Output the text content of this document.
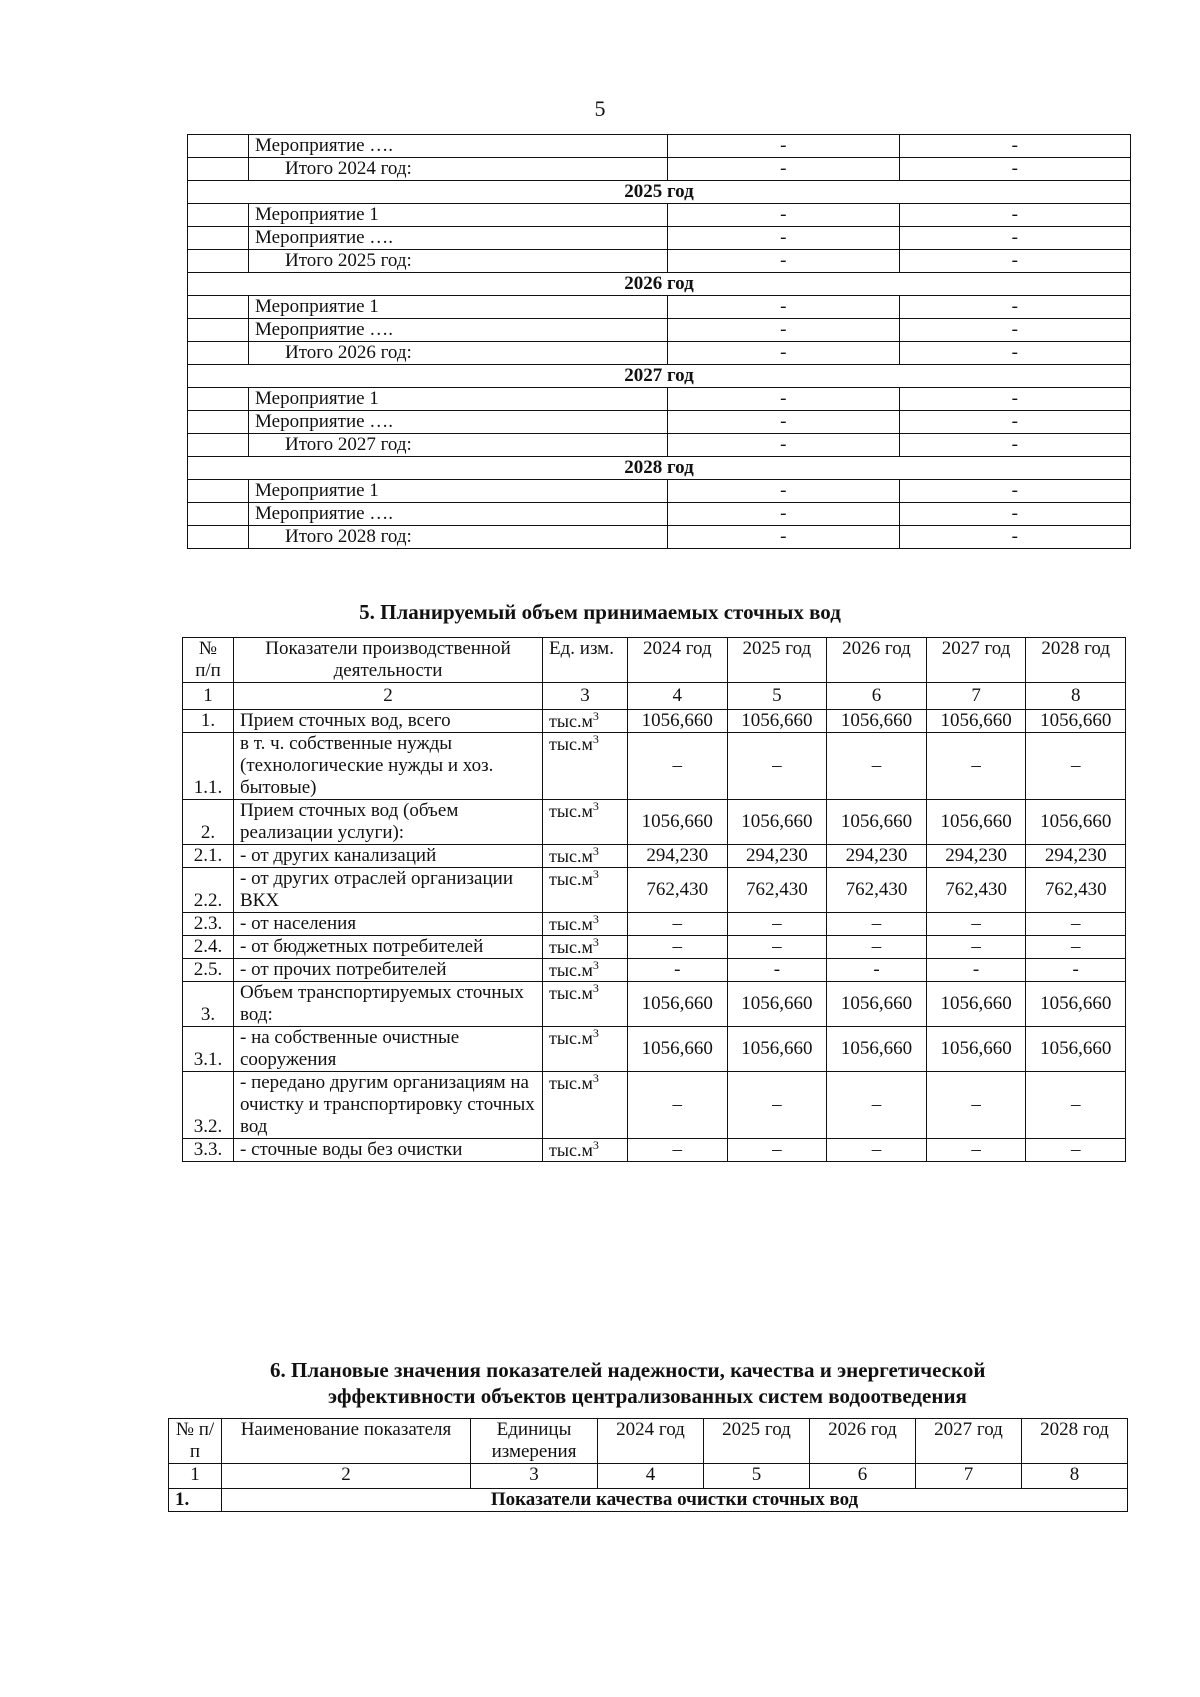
5
	Мероприятие ….	-	-
	Итого 2024 год:	-	-
2025 год			
	Мероприятие 1	-	-
	Мероприятие ….	-	-
	Итого 2025 год:	-	-
2026 год			
	Мероприятие 1	-	-
	Мероприятие ….	-	-
	Итого 2026 год:	-	-
2027 год			
	Мероприятие 1	-	-
	Мероприятие ….	-	-
	Итого 2027 год:	-	-
2028 год			
	Мероприятие 1	-	-
	Мероприятие ….	-	-
	Итого 2028 год:	-	-
5. Планируемый объем принимаемых сточных вод
№ п/п	Показатели производственной деятельности	Ед. изм.	2024 год	2025 год	2026 год	2027 год	2028 год
1	2	3	4	5	6	7	8
1.	Прием сточных вод, всего	$тыс.м^3$	1056,660	1056,660	1056,660	1056,660	1056,660
1.1.	в т. ч. собственные нужды (технологические нужды и хоз. бытовые)	$тыс.м^3$	–	–	–	–	–
2.	Прием сточных вод (объем реализации услуги):	$тыс.м^3$	1056,660	1056,660	1056,660	1056,660	1056,660
2.1.	- от других канализаций	$тыс.м^3$	294,230	294,230	294,230	294,230	294,230
2.2.	- от других отраслей организации ВКХ	$тыс.м^3$	762,430	762,430	762,430	762,430	762,430
2.3.	- от населения	$тыс.м^3$	–	–	–	–	–
2.4.	- от бюджетных потребителей	$тыс.м^3$	–	–	–	–	–
2.5.	- от прочих потребителей	$тыс.м^3$	-	-	-	-	-
3.	Объем транспортируемых сточных вод:	$тыс.м^3$	1056,660	1056,660	1056,660	1056,660	1056,660
3.1.	- на собственные очистные сооружения	$тыс.м^3$	1056,660	1056,660	1056,660	1056,660	1056,660
3.2.	- передано другим организациям на очистку и транспортировку сточных вод	$тыс.м^3$	–	–	–	–	–
3.3.	- сточные воды без очистки	$тыс.м^3$	–	–	–	–	–
6. Плановые значения показателей надежности, качества и энергетической
эффективности объектов централизованных систем водоотведения
№ п/п	Наименование показателя	Единицы измерения	2024 год	2025 год	2026 год	2027 год	2028 год
1	2	3	4	5	6	7	8
1.	Показатели качества очистки сточных вод						
